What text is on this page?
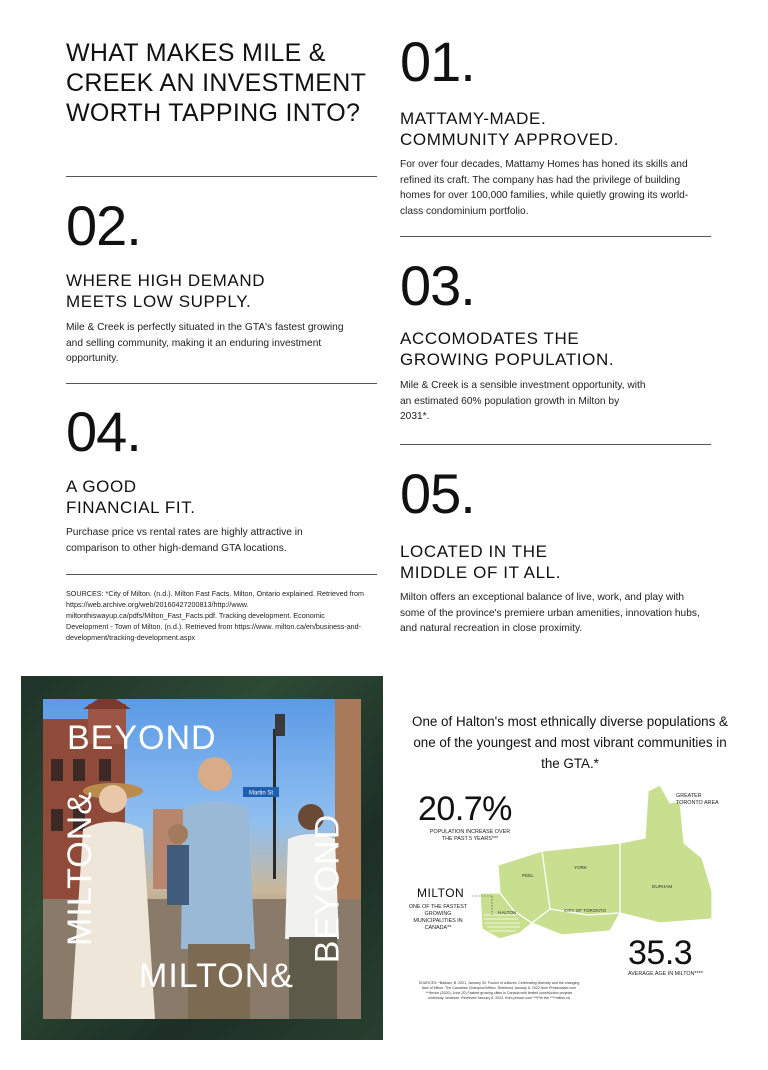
WHAT MAKES MILE & CREEK AN INVESTMENT WORTH TAPPING INTO?
01.
MATTAMY-MADE.
COMMUNITY APPROVED.
For over four decades, Mattamy Homes has honed its skills and refined its craft. The company has had the privilege of building homes for over 100,000 families, while quietly growing its world-class condominium portfolio.
02.
WHERE HIGH DEMAND
MEETS LOW SUPPLY.
Mile & Creek is perfectly situated in the GTA's fastest growing and selling community, making it an enduring investment opportunity.
03.
ACCOMODATES THE
GROWING POPULATION.
Mile & Creek is a sensible investment opportunity, with an estimated 60% population growth in Milton by 2031*.
04.
A GOOD
FINANCIAL FIT.
Purchase price vs rental rates are highly attractive in comparison to other high-demand GTA locations.
05.
LOCATED IN THE
MIDDLE OF IT ALL.
Milton offers an exceptional balance of live, work, and play with some of the province's premiere urban amenities, innovation hubs, and natural recreation in close proximity.
SOURCES: *City of Milton. (n.d.). Milton Fast Facts. Milton, Ontario explained. Retrieved from https://web.archive.org/web/20160427200813/http://www. miltonthiswayup.ca/pdfs/Milton_Fast_Facts.pdf. Tracking development. Economic Development - Town of Milton. (n.d.). Retrieved from https://www. milton.ca/en/business-and-development/tracking-development.aspx
Martin St
BEYOND
MILTON&	BEYOND
MILTON&
One of Halton's most ethnically diverse populations & one of the youngest and most vibrant communities in the GTA.*
PEEL
YORK
DURHAM
HALTON	CITY OF TORONTO
GREATER TORONTO AREA
20.7%
POPULATION INCREASE OVER THE PAST 5 YEARS***
MILTON
ONE OF THE FASTEST GROWING MUNICIPALITIES IN CANADA**
35.3
AVERAGE AGE IN MILTON****
SOURCES: *Badiani, B. 2021, January 30. Fusion of cultures: Celebrating diversity and the changing face of Milton. The Canadian Champion/Milton. Retrieved January 8, 2022 from Pressreader.com **Hector (2020). June 20) Fastest growing cities in Canada with limited construction projects underway. urbanize. Retrieved January 8, 2022, from precon.com ***Pre the ****milton.ca
